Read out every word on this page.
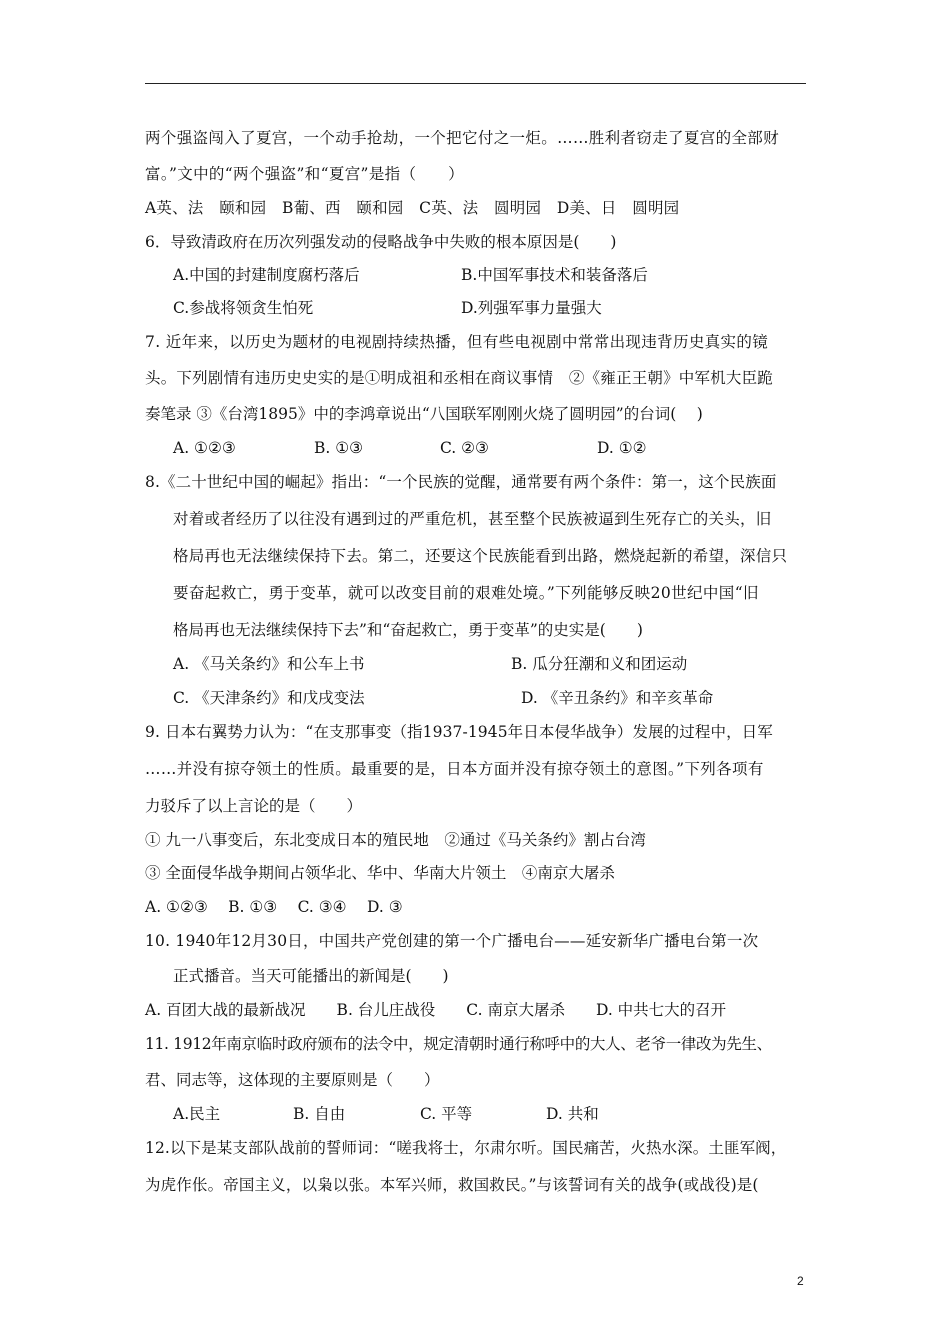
两个强盗闯入了夏宫，一个动手抢劫，一个把它付之一炬。……胜利者窃走了夏宫的全部财
富。”文中的“两个强盗”和“夏宫”是指（　　）
A英、法　颐和园　B葡、西　颐和园　C英、法　圆明园　D美、日　圆明园
6．导致清政府在历次列强发动的侵略战争中失败的根本原因是(　　)
A.中国的封建制度腐朽落后	B.中国军事技术和装备落后
C.参战将领贪生怕死	D.列强军事力量强大
7. 近年来，以历史为题材的电视剧持续热播，但有些电视剧中常常出现违背历史真实的镜
头。下列剧情有违历史史实的是①明成祖和丞相在商议事情　②《雍正王朝》中军机大臣跪
奏笔录 ③《台湾1895》中的李鸿章说出“八国联军刚刚火烧了圆明园”的台词(　 )
A. ①②③	B. ①③	C. ②③	D. ①②
8.《二十世纪中国的崛起》指出：“一个民族的觉醒，通常要有两个条件：第一，这个民族面
对着或者经历了以往没有遇到过的严重危机，甚至整个民族被逼到生死存亡的关头，旧
格局再也无法继续保持下去。第二，还要这个民族能看到出路，燃烧起新的希望，深信只
要奋起救亡，勇于变革，就可以改变目前的艰难处境。”下列能够反映20世纪中国“旧
格局再也无法继续保持下去”和“奋起救亡，勇于变革”的史实是(　　)
A. 《马关条约》和公车上书	B. 瓜分狂潮和义和团运动
C. 《天津条约》和戊戌变法	D. 《辛丑条约》和辛亥革命
9. 日本右翼势力认为：“在支那事变（指1937-1945年日本侵华战争）发展的过程中，日军
……并没有掠夺领土的性质。最重要的是，日本方面并没有掠夺领土的意图。”下列各项有
力驳斥了以上言论的是（　　）
① 九一八事变后，东北变成日本的殖民地　②通过《马关条约》割占台湾
③ 全面侵华战争期间占领华北、华中、华南大片领土　④南京大屠杀
A. ①②③　 B. ①③　 C. ③④　 D. ③
10. 1940年12月30日，中国共产党创建的第一个广播电台——延安新华广播电台第一次
正式播音。当天可能播出的新闻是(　　)
A. 百团大战的最新战况　　B. 台儿庄战役　　C. 南京大屠杀　　D. 中共七大的召开
11. 1912年南京临时政府颁布的法令中，规定清朝时通行称呼中的大人、老爷一律改为先生、
君、同志等，这体现的主要原则是（　　）
A.民主	B. 自由	C. 平等	D. 共和
12.以下是某支部队战前的誓师词：“嗟我将士，尔肃尔听。国民痛苦，火热水深。土匪军阀，
为虎作伥。帝国主义，以枭以张。本军兴师，救国救民。”与该誓词有关的战争(或战役)是(
2
